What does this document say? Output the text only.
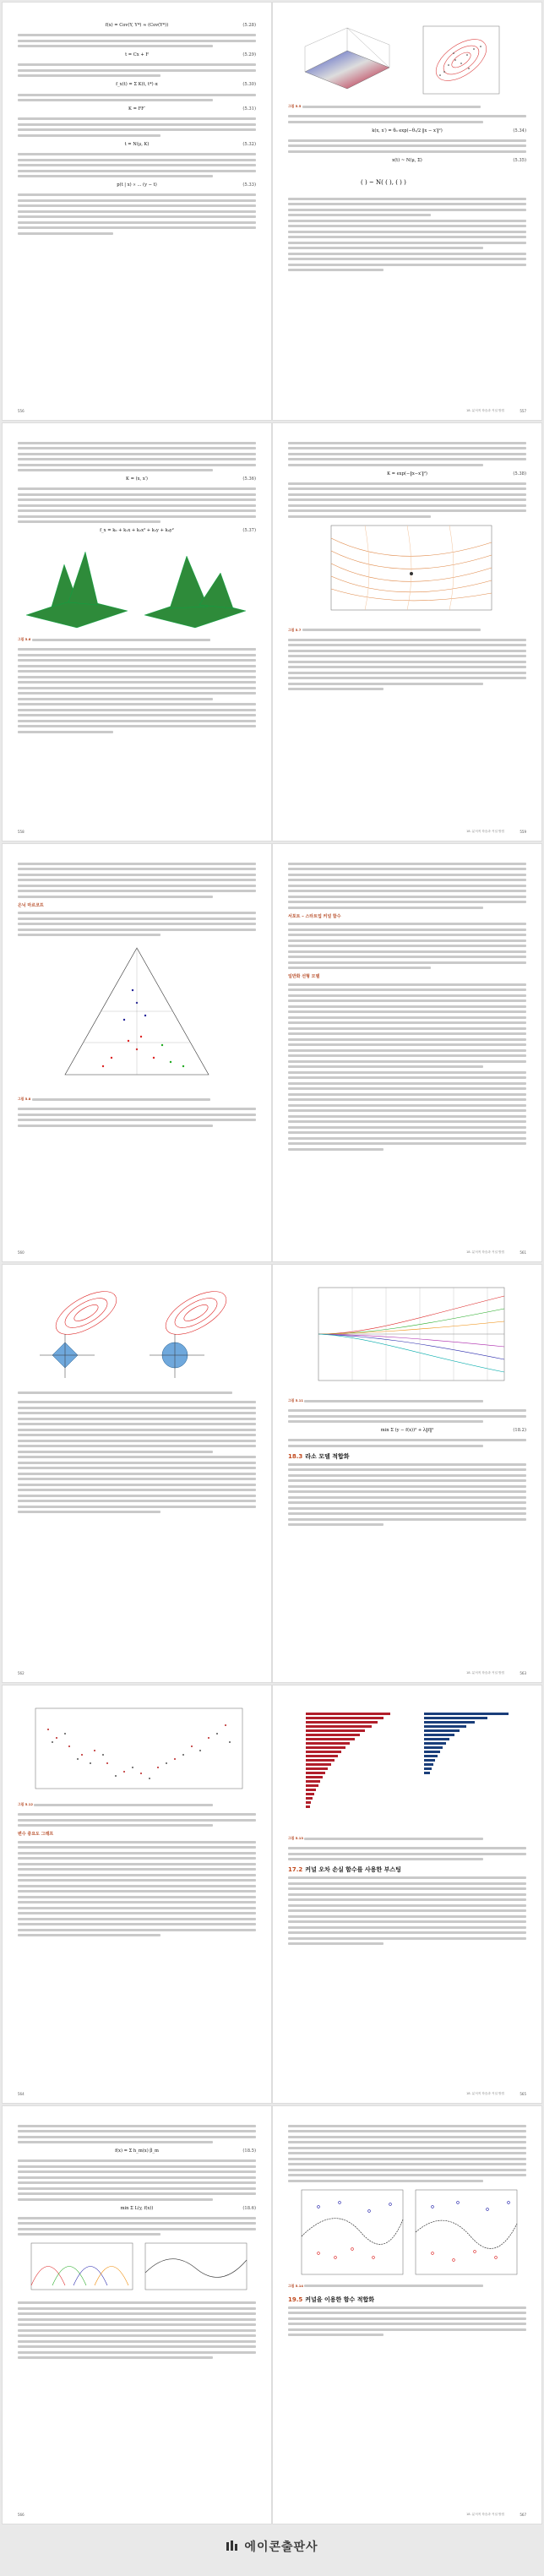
f(x) = Cov(Y, Y*) ≈ (Cov(Y*))	(5.28)
t = Cx + F	(5.29)
f_x(t) = Σ K(t, t*) α	(5.30)
K = FF′	(5.31)
t = N(μ, K)	(5.32)
p(t | x) ∝ ... (y − t)	(5.33)
556
그림 5.5
k(x, x′) = θ₀ exp(−θ₁/2 ‖x − x′‖²)	(5.34)
x(t) ~ N(μ, Σ)	(5.35)
( ) ~ N( ( ), ( ) )
18. 분석적 학습과 커널 방법	557
K = (x, x′)	(5.36)
f_x = k₀ + k₁x + k₂x² + k₃y + k₄y²	(5.37)
그림 5.6
558
K = exp(−‖x−x′‖²)	(5.38)
그림 5.7
18. 분석적 학습과 커널 방법	559
은닉 마르코프
그림 5.8
560
서포트 – 스타트업 커널 함수
일반화 선형 모델
18. 분석적 학습과 커널 방법	561
562
그림 5.11
min Σ (y − f(x))² + λ‖f‖²	(18.2)
18.3 라소 모델 적합화
18. 분석적 학습과 커널 방법	563
그림 5.12
변수 중요도 그래프
564
그림 5.13
17.2 커널 오차 손실 함수를 사용한 부스팅
18. 분석적 학습과 커널 방법	565
f(x) = Σ h_m(x) β_m	(18.5)
min Σ L(y, f(x))	(18.6)
566
그림 5.14
19.5 커널을 이용한 함수 적합화
18. 분석적 학습과 커널 방법	567
에이콘출판사
